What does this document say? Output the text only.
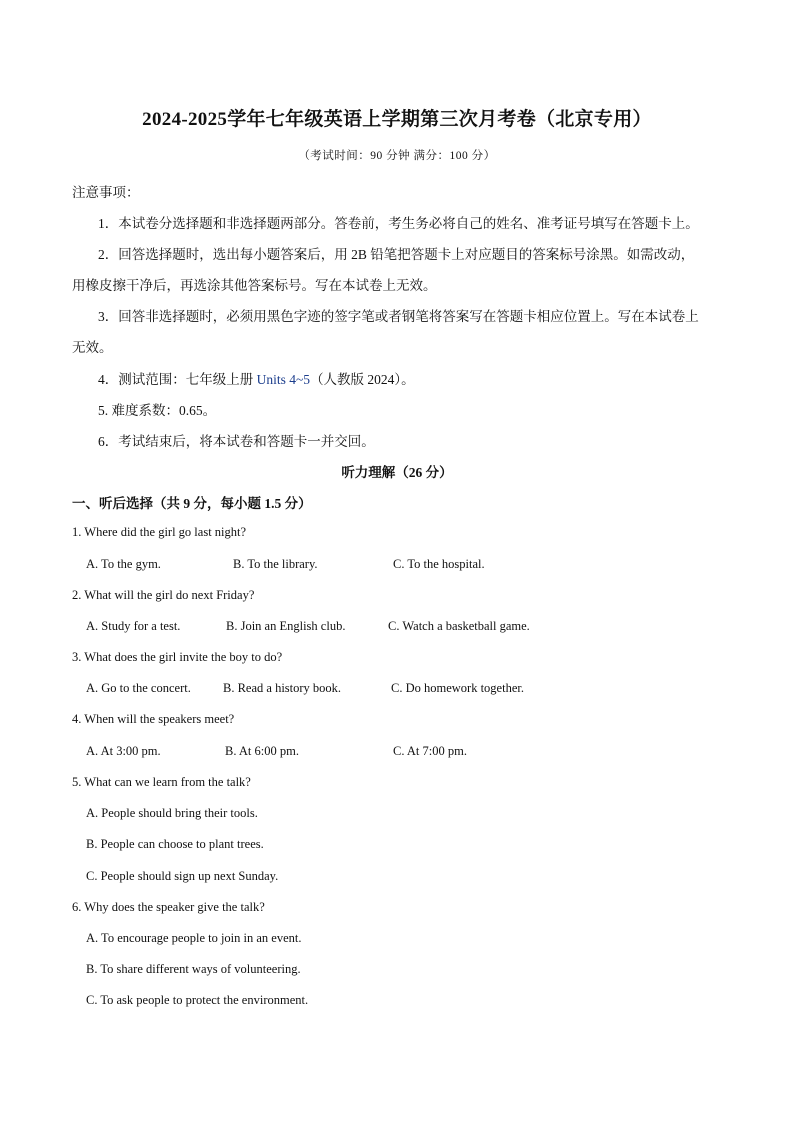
2024-2025学年七年级英语上学期第三次月考卷（北京专用）
（考试时间：90 分钟 满分：100 分）
注意事项：
1．本试卷分选择题和非选择题两部分。答卷前，考生务必将自己的姓名、准考证号填写在答题卡上。
2．回答选择题时，选出每小题答案后，用 2B 铅笔把答题卡上对应题目的答案标号涂黑。如需改动，
用橡皮擦干净后，再选涂其他答案标号。写在本试卷上无效。
3．回答非选择题时，必须用黑色字迹的签字笔或者钢笔将答案写在答题卡相应位置上。写在本试卷上
无效。
4．测试范围：七年级上册 Units 4~5（人教版 2024）。
5. 难度系数：0.65。
6．考试结束后，将本试卷和答题卡一并交回。
听力理解（26 分）
一、听后选择（共 9 分，每小题 1.5 分）
1. Where did the girl go last night?
A. To the gym.	B. To the library.	C. To the hospital.
2. What will the girl do next Friday?
A. Study for a test.	B. Join an English club.	C. Watch a basketball game.
3. What does the girl invite the boy to do?
A. Go to the concert.	B. Read a history book.	C. Do homework together.
4. When will the speakers meet?
A. At 3:00 pm.	B. At 6:00 pm.	C. At 7:00 pm.
5. What can we learn from the talk?
A. People should bring their tools.
B. People can choose to plant trees.
C. People should sign up next Sunday.
6. Why does the speaker give the talk?
A. To encourage people to join in an event.
B. To share different ways of volunteering.
C. To ask people to protect the environment.
